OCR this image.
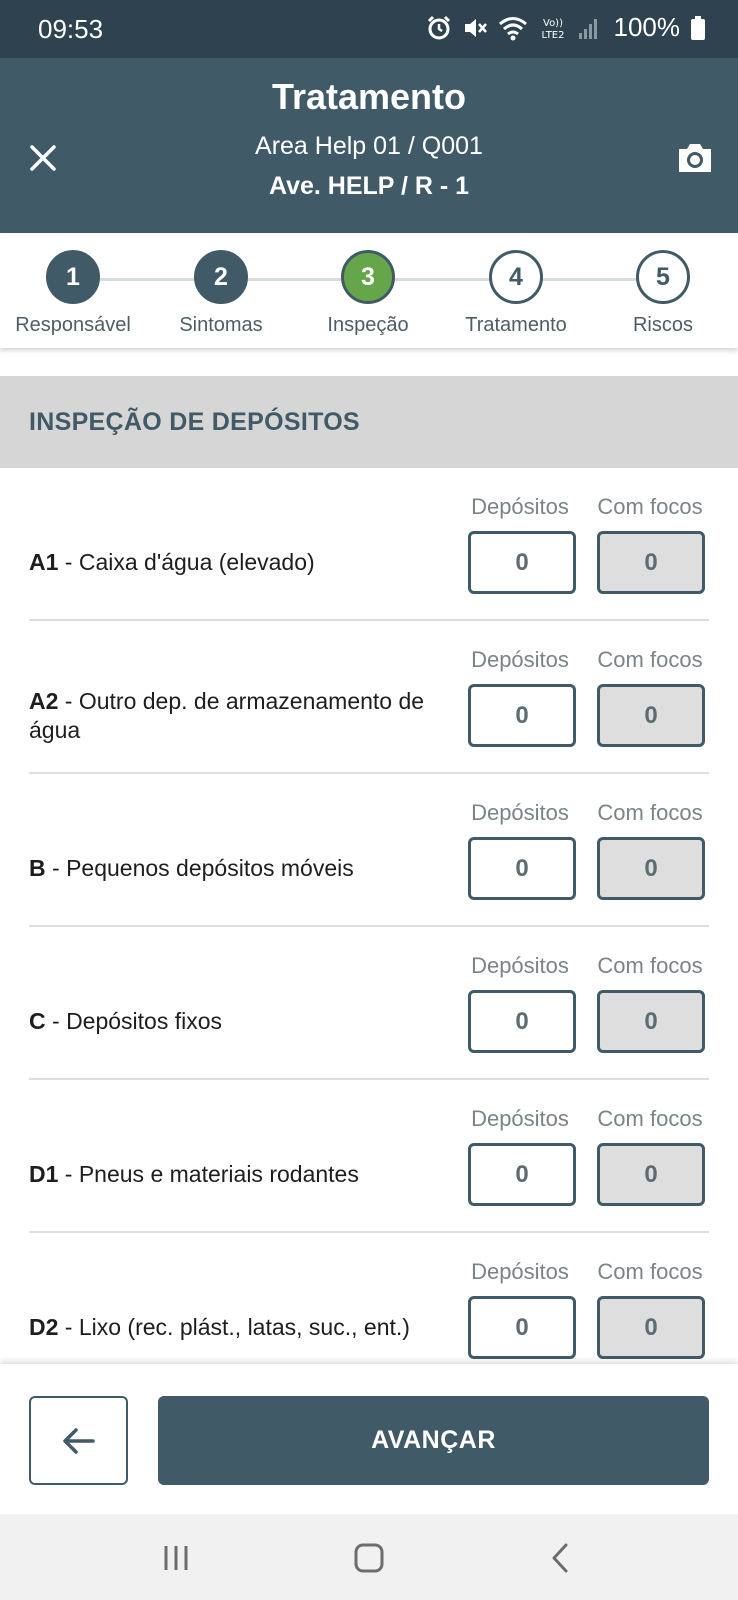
09:53	Vo))
LTE2 100%
Tratamento
Area Help 01 / Q001
Ave. HELP / R - 1
1
Responsável
2
Sintomas
3
Inspeção
4
Tratamento
5
Riscos
INSPEÇÃO DE DEPÓSITOS
A1 - Caixa d'água (elevado)
Depósitos	Com focos
0	0
A2 - Outro dep. de armazenamento de água
Depósitos	Com focos
0	0
B - Pequenos depósitos móveis
Depósitos	Com focos
0	0
C - Depósitos fixos
Depósitos	Com focos
0	0
D1 - Pneus e materiais rodantes
Depósitos	Com focos
0	0
D2 - Lixo (rec. plást., latas, suc., ent.)
Depósitos	Com focos
0	0
AVANÇAR
